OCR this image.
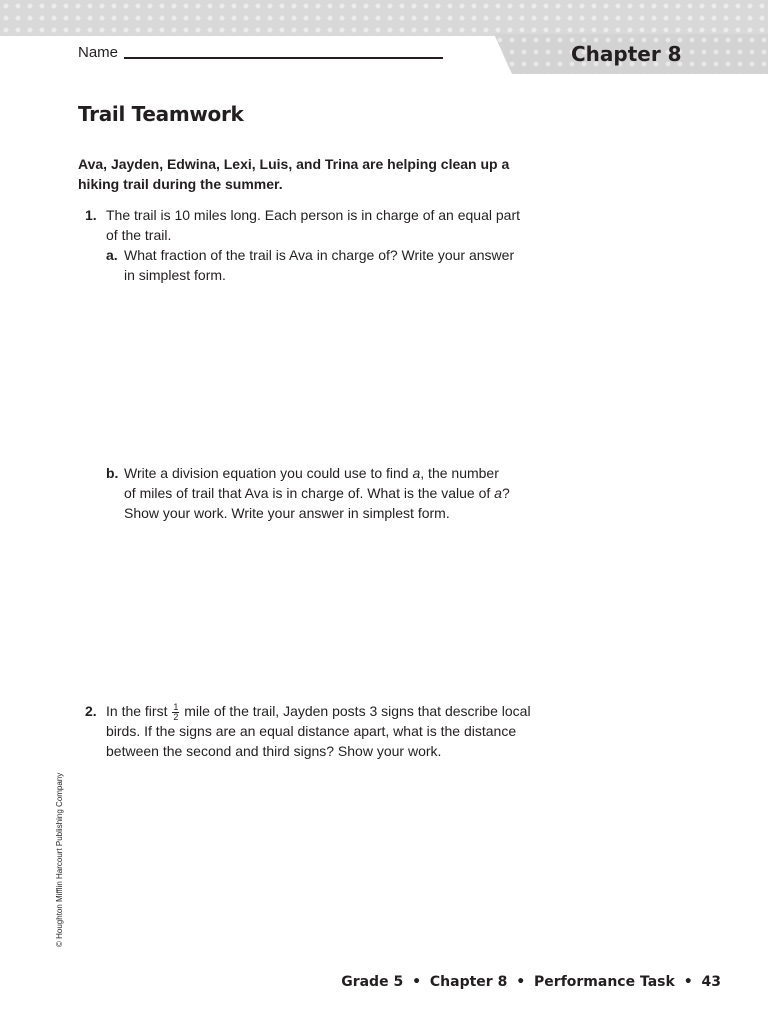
Chapter 8
Name
Trail Teamwork
Ava, Jayden, Edwina, Lexi, Luis, and Trina are helping clean up a hiking trail during the summer.
1. The trail is 10 miles long. Each person is in charge of an equal part
of the trail.
a. What fraction of the trail is Ava in charge of? Write your answer
in simplest form.
b. Write a division equation you could use to find a, the number
of miles of trail that Ava is in charge of. What is the value of a?
Show your work. Write your answer in simplest form.
2. In the first $\frac{1}{2}$ mile of the trail, Jayden posts 3 signs that describe local
birds. If the signs are an equal distance apart, what is the distance
between the second and third signs? Show your work.
© Houghton Mifflin Harcourt Publishing Company
Grade 5 • Chapter 8 • Performance Task • 43
